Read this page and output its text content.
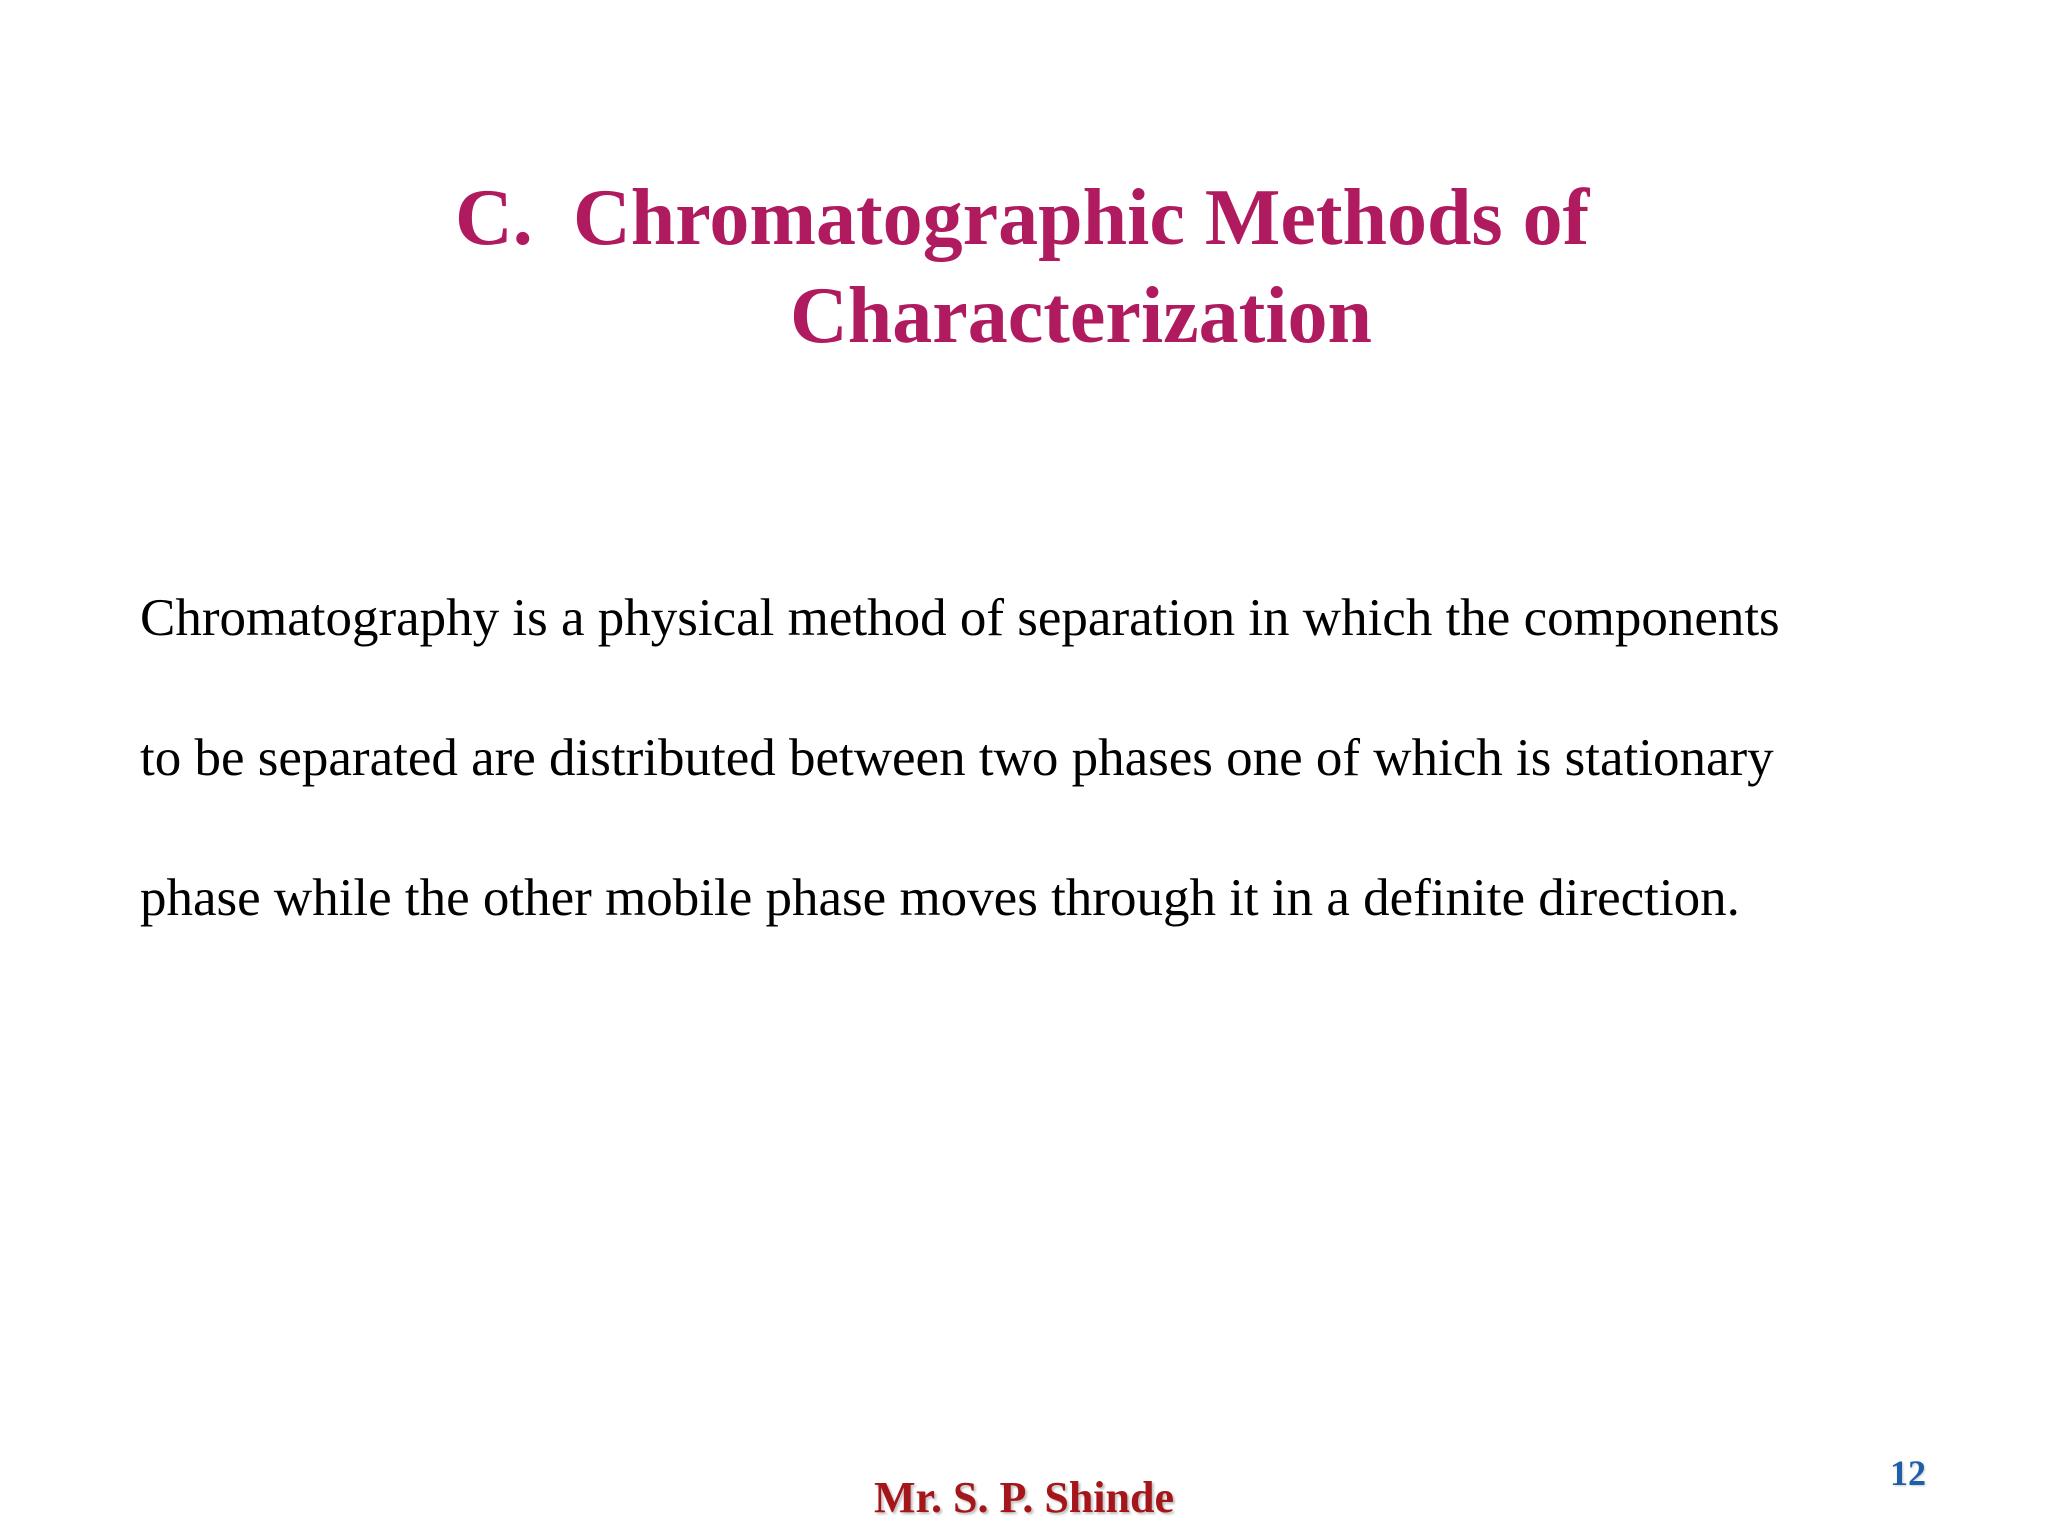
C. Chromatographic Methods of
Characterization
Chromatography is a physical method of separation in which the components
to be separated are distributed between two phases one of which is stationary
phase while the other mobile phase moves through it in a definite direction.
12
Mr. S. P. Shinde
